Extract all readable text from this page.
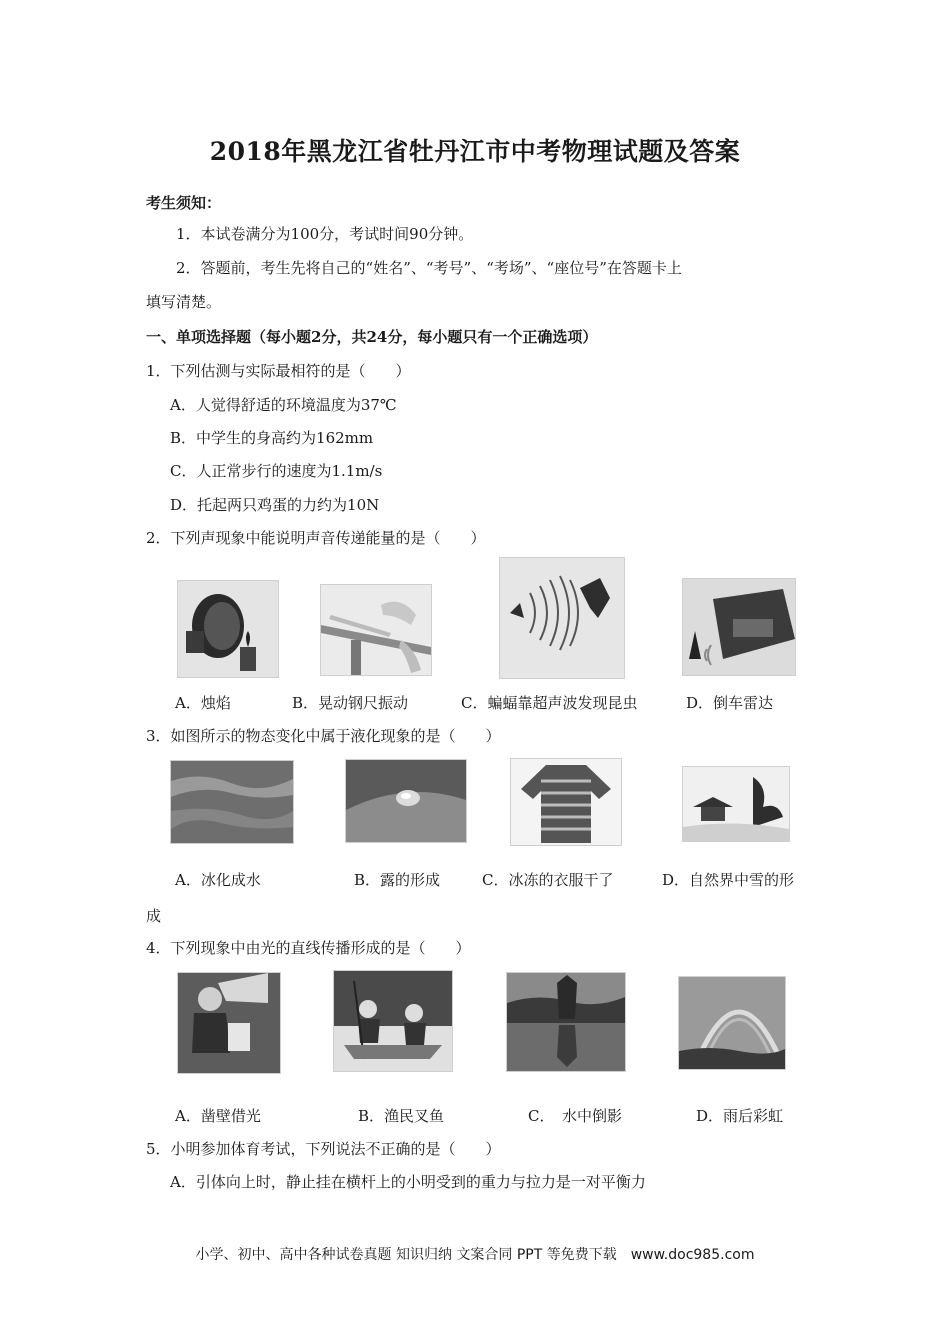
2018年黑龙江省牡丹江市中考物理试题及答案
考生须知：
1．本试卷满分为100分，考试时间90分钟。
2．答题前，考生先将自己的“姓名”、“考号”、“考场”、“座位号”在答题卡上
填写清楚。
一、单项选择题（每小题2分，共24分，每小题只有一个正确选项）
1．下列估测与实际最相符的是（　　）
A．人觉得舒适的环境温度为37℃
B．中学生的身高约为162mm
C．人正常步行的速度为1.1m/s
D．托起两只鸡蛋的力约为10N
2．下列声现象中能说明声音传递能量的是（　　）
A．烛焰	B．晃动钢尺振动	C．蝙蝠靠超声波发现昆虫	D．倒车雷达
3．如图所示的物态变化中属于液化现象的是（　　）
A．冰化成水	B．露的形成	C．冰冻的衣服干了	D．自然界中雪的形
成
4．下列现象中由光的直线传播形成的是（　　）
A．凿壁借光	B．渔民叉鱼	C．　水中倒影	D．雨后彩虹
5．小明参加体育考试，下列说法不正确的是（　　）
A．引体向上时，静止挂在横杆上的小明受到的重力与拉力是一对平衡力
小学、初中、高中各种试卷真题 知识归纳 文案合同 PPT 等免费下载　www.doc985.com
